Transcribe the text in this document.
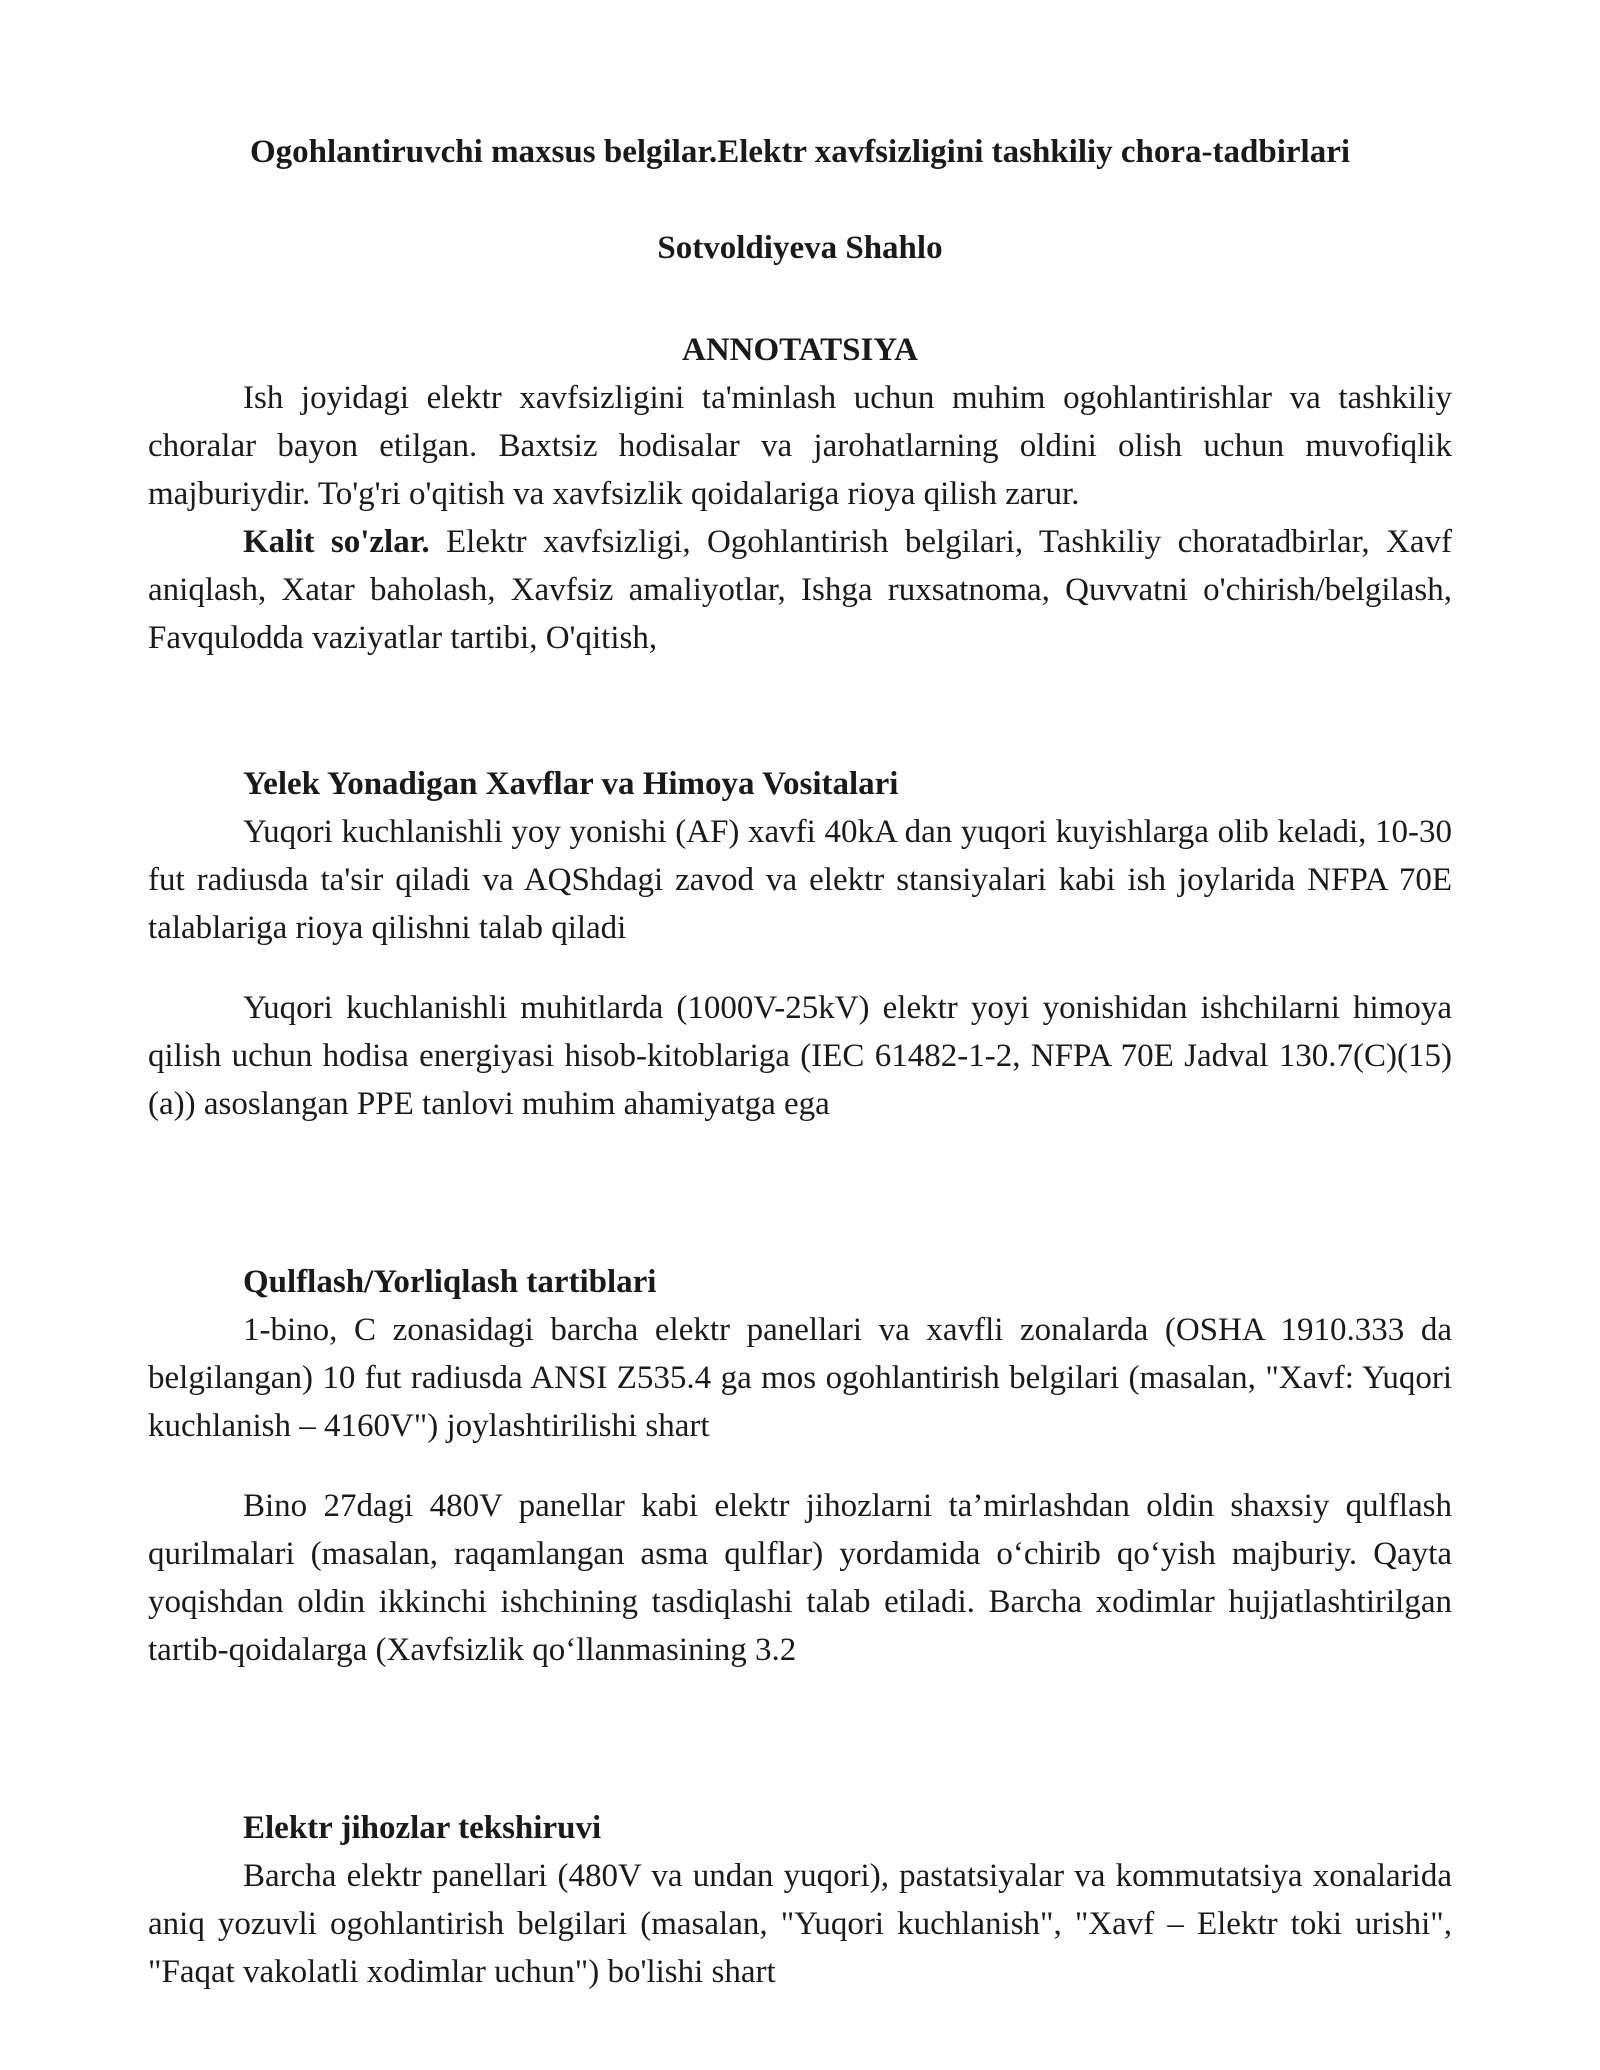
Ogohlantiruvchi maxsus belgilar.Elektr xavfsizligini tashkiliy chora-tadbirlari
Sotvoldiyeva Shahlo
ANNOTATSIYA

Ish joyidagi elektr xavfsizligini ta'minlash uchun muhim ogohlantirishlar va tashkiliy choralar bayon etilgan. Baxtsiz hodisalar va jarohatlarning oldini olish uchun muvofiqlik majburiydir. To'g'ri o'qitish va xavfsizlik qoidalariga rioya qilish zarur.

Kalit so'zlar. Elektr xavfsizligi, Ogohlantirish belgilari, Tashkiliy choratadbirlar, Xavf aniqlash, Xatar baholash, Xavfsiz amaliyotlar, Ishga ruxsatnoma, Quvvatni o'chirish/belgilash, Favqulodda vaziyatlar tartibi, O'qitish,

Yelek Yonadigan Xavflar va Himoya Vositalari

Yuqori kuchlanishli yoy yonishi (AF) xavfi 40kA dan yuqori kuyishlarga olib keladi, 10-30 fut radiusda ta'sir qiladi va AQShdagi zavod va elektr stansiyalari kabi ish joylarida NFPA 70E talablariga rioya qilishni talab qiladi

Yuqori kuchlanishli muhitlarda (1000V-25kV) elektr yoyi yonishidan ishchilarni himoya qilish uchun hodisa energiyasi hisob-kitoblariga (IEC 61482-1-2, NFPA 70E Jadval 130.7(C)(15)(a)) asoslangan PPE tanlovi muhim ahamiyatga ega

Qulflash/Yorliqlash tartiblari

1-bino, C zonasidagi barcha elektr panellari va xavfli zonalarda (OSHA 1910.333 da belgilangan) 10 fut radiusda ANSI Z535.4 ga mos ogohlantirish belgilari (masalan, "Xavf: Yuqori kuchlanish – 4160V") joylashtirilishi shart

Bino 27dagi 480V panellar kabi elektr jihozlarni ta’mirlashdan oldin shaxsiy qulflash qurilmalari (masalan, raqamlangan asma qulflar) yordamida o‘chirib qo‘yish majburiy. Qayta yoqishdan oldin ikkinchi ishchining tasdiqlashi talab etiladi. Barcha xodimlar hujjatlashtirilgan tartib-qoidalarga (Xavfsizlik qo‘llanmasining 3.2

Elektr jihozlar tekshiruvi

Barcha elektr panellari (480V va undan yuqori), pastatsiyalar va kommutatsiya xonalarida aniq yozuvli ogohlantirish belgilari (masalan, "Yuqori kuchlanish", "Xavf – Elektr toki urishi", "Faqat vakolatli xodimlar uchun") bo'lishi shart
